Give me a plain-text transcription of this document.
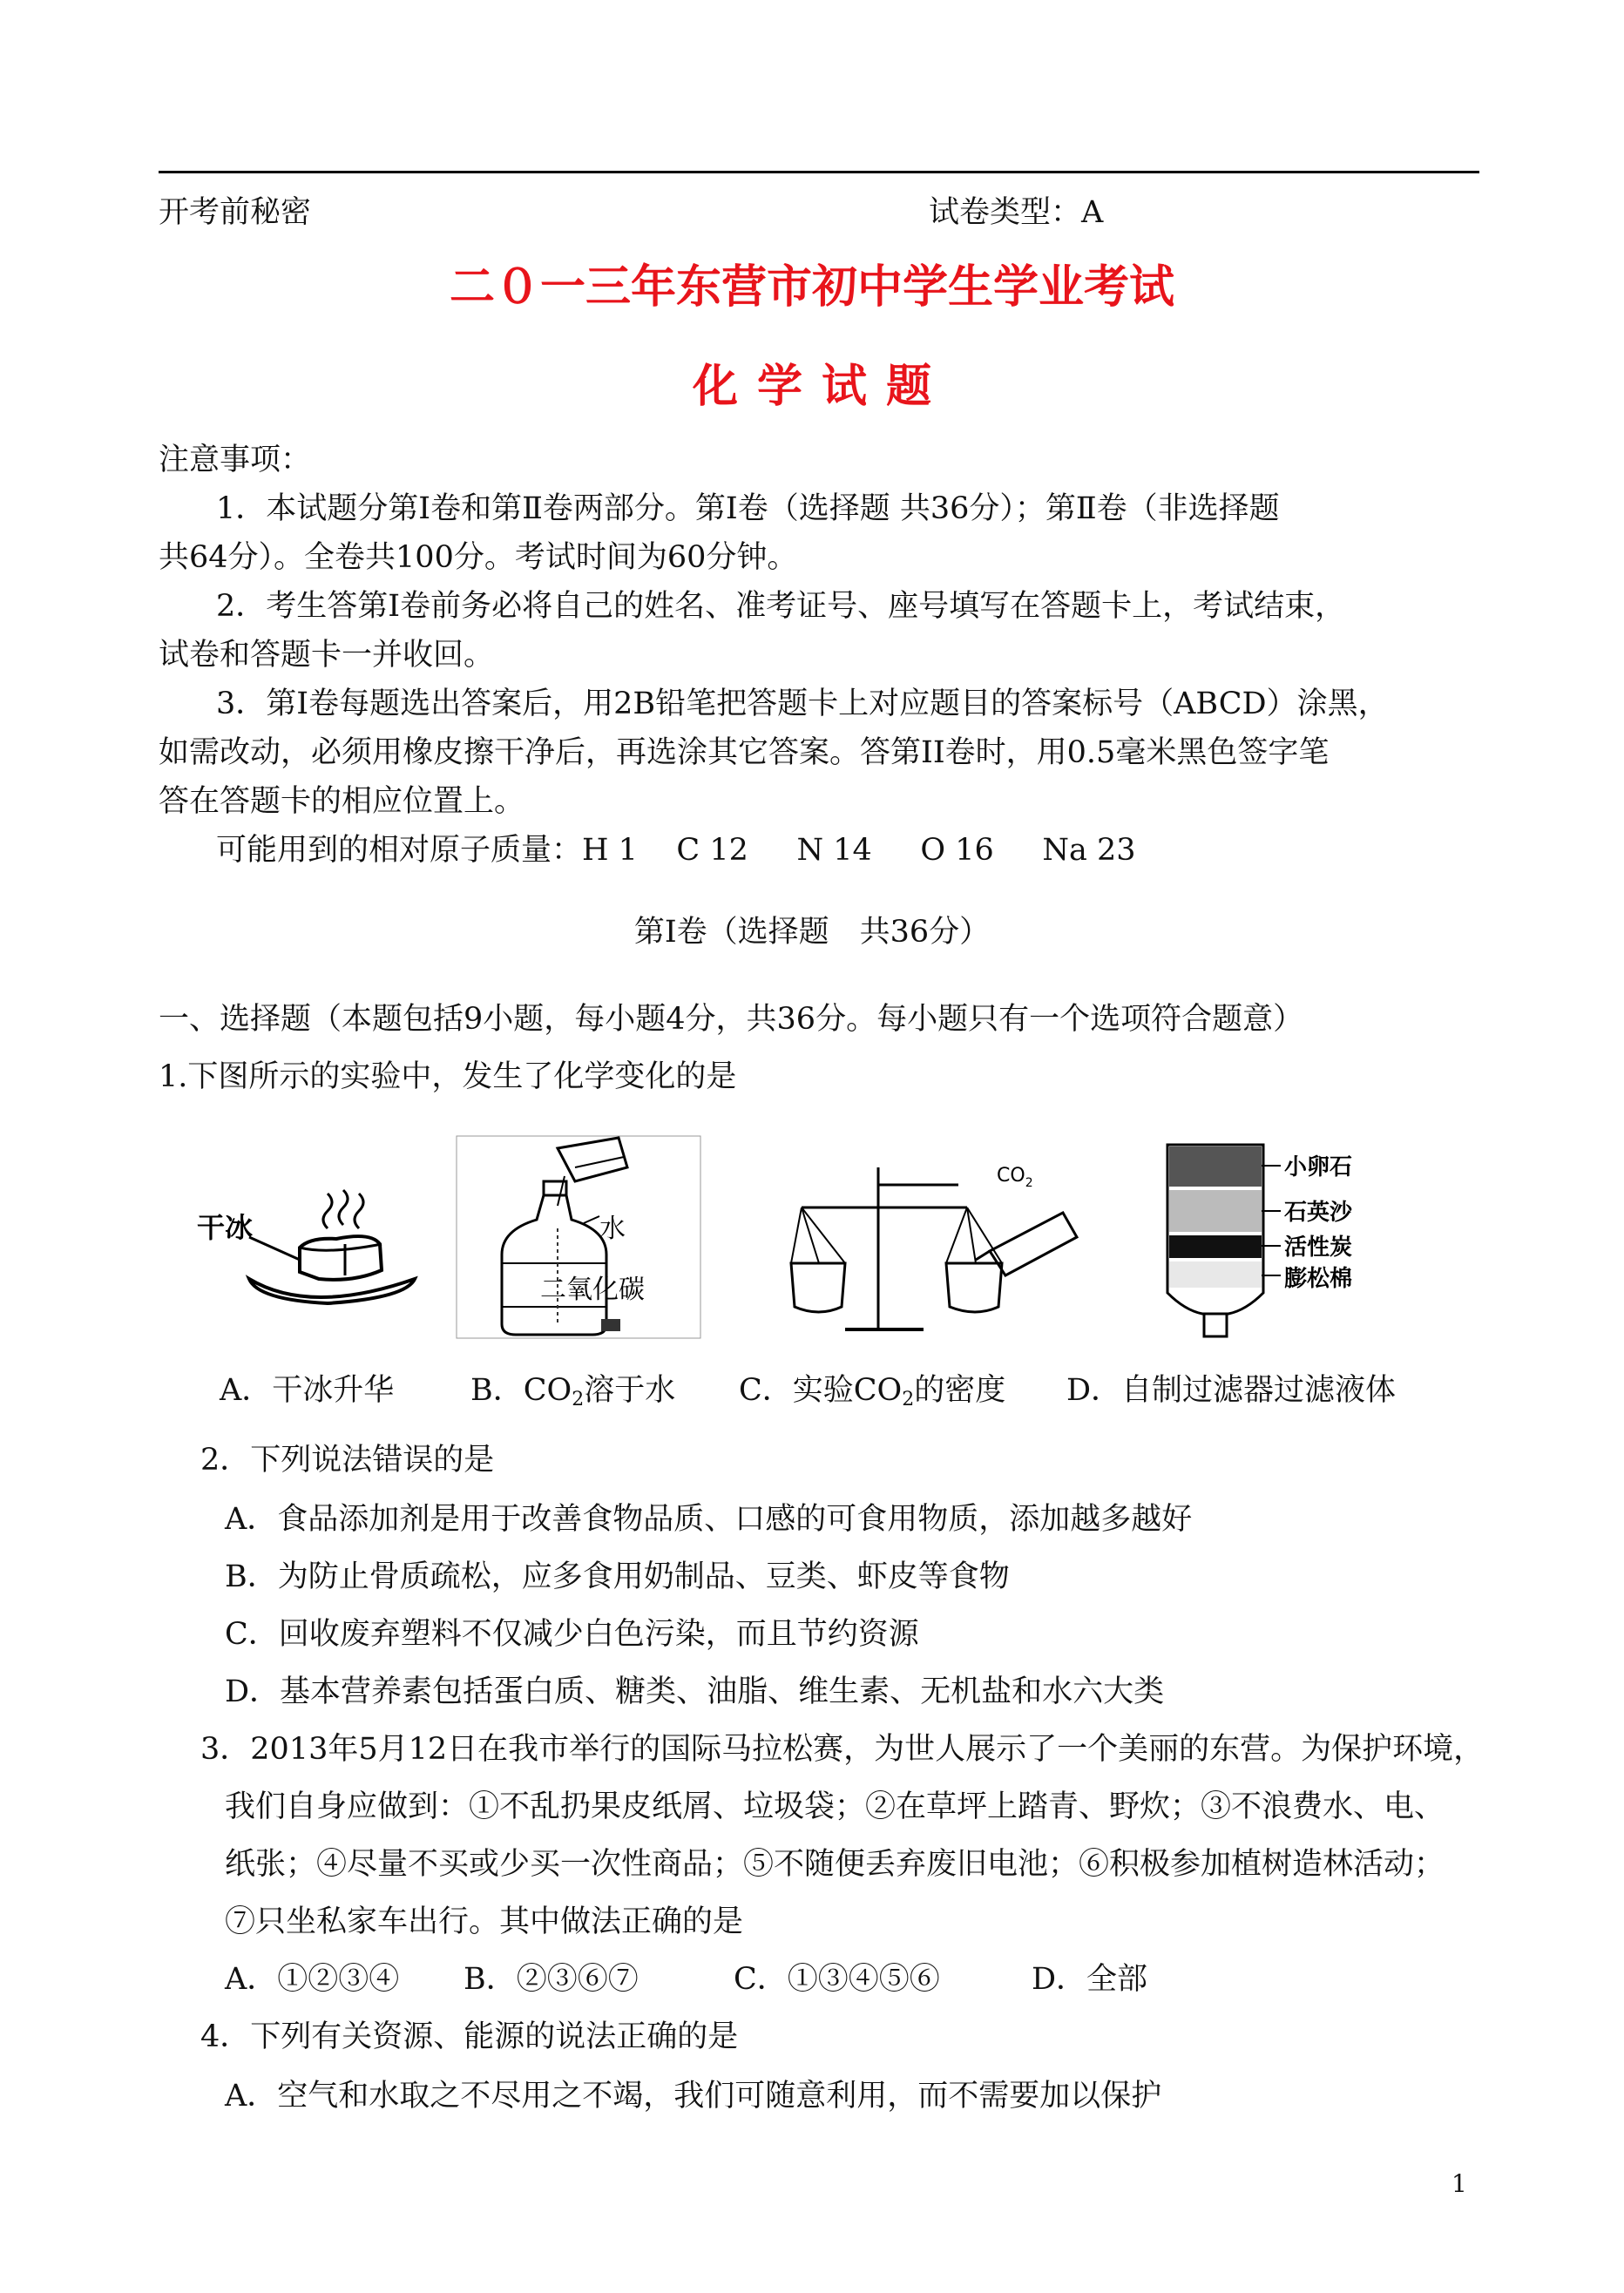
开考前秘密	试卷类型：A
二０一三年东营市初中学生学业考试
化学试题
注意事项：
1．本试题分第Ⅰ卷和第Ⅱ卷两部分。第Ⅰ卷（选择题 共36分）；第Ⅱ卷（非选择题
共64分）。全卷共100分。考试时间为60分钟。
2．考生答第Ⅰ卷前务必将自己的姓名、准考证号、座号填写在答题卡上，考试结束，
试卷和答题卡一并收回。
3．第Ⅰ卷每题选出答案后，用2B铅笔把答题卡上对应题目的答案标号（ABCD）涂黑，
如需改动，必须用橡皮擦干净后，再选涂其它答案。答第II卷时，用0.5毫米黑色签字笔
答在答题卡的相应位置上。
可能用到的相对原子质量：H 1    C 12     N 14     O 16     Na 23
第Ⅰ卷（选择题　共36分）
一、选择题（本题包括9小题，每小题4分，共36分。每小题只有一个选项符合题意）
1.下图所示的实验中，发生了化学变化的是
干冰	水
二氧化碳
$CO_2$
小卵石
石英沙
活性炭
膨松棉
A．干冰升华	B．$CO_2$溶于水 C．实验$CO_2$的密度 D．自制过滤器过滤液体
2．下列说法错误的是
A．食品添加剂是用于改善食物品质、口感的可食用物质，添加越多越好
B．为防止骨质疏松，应多食用奶制品、豆类、虾皮等食物
C．回收废弃塑料不仅减少白色污染，而且节约资源
D．基本营养素包括蛋白质、糖类、油脂、维生素、无机盐和水六大类
3．2013年5月12日在我市举行的国际马拉松赛，为世人展示了一个美丽的东营。为保护环境，
我们自身应做到：①不乱扔果皮纸屑、垃圾袋；②在草坪上踏青、野炊；③不浪费水、电、
纸张；④尽量不买或少买一次性商品；⑤不随便丢弃废旧电池；⑥积极参加植树造林活动；
⑦只坐私家车出行。其中做法正确的是
A．①②③④ B．②③⑥⑦	C．①③④⑤⑥	D．全部
4．下列有关资源、能源的说法正确的是
A．空气和水取之不尽用之不竭，我们可随意利用，而不需要加以保护
1
